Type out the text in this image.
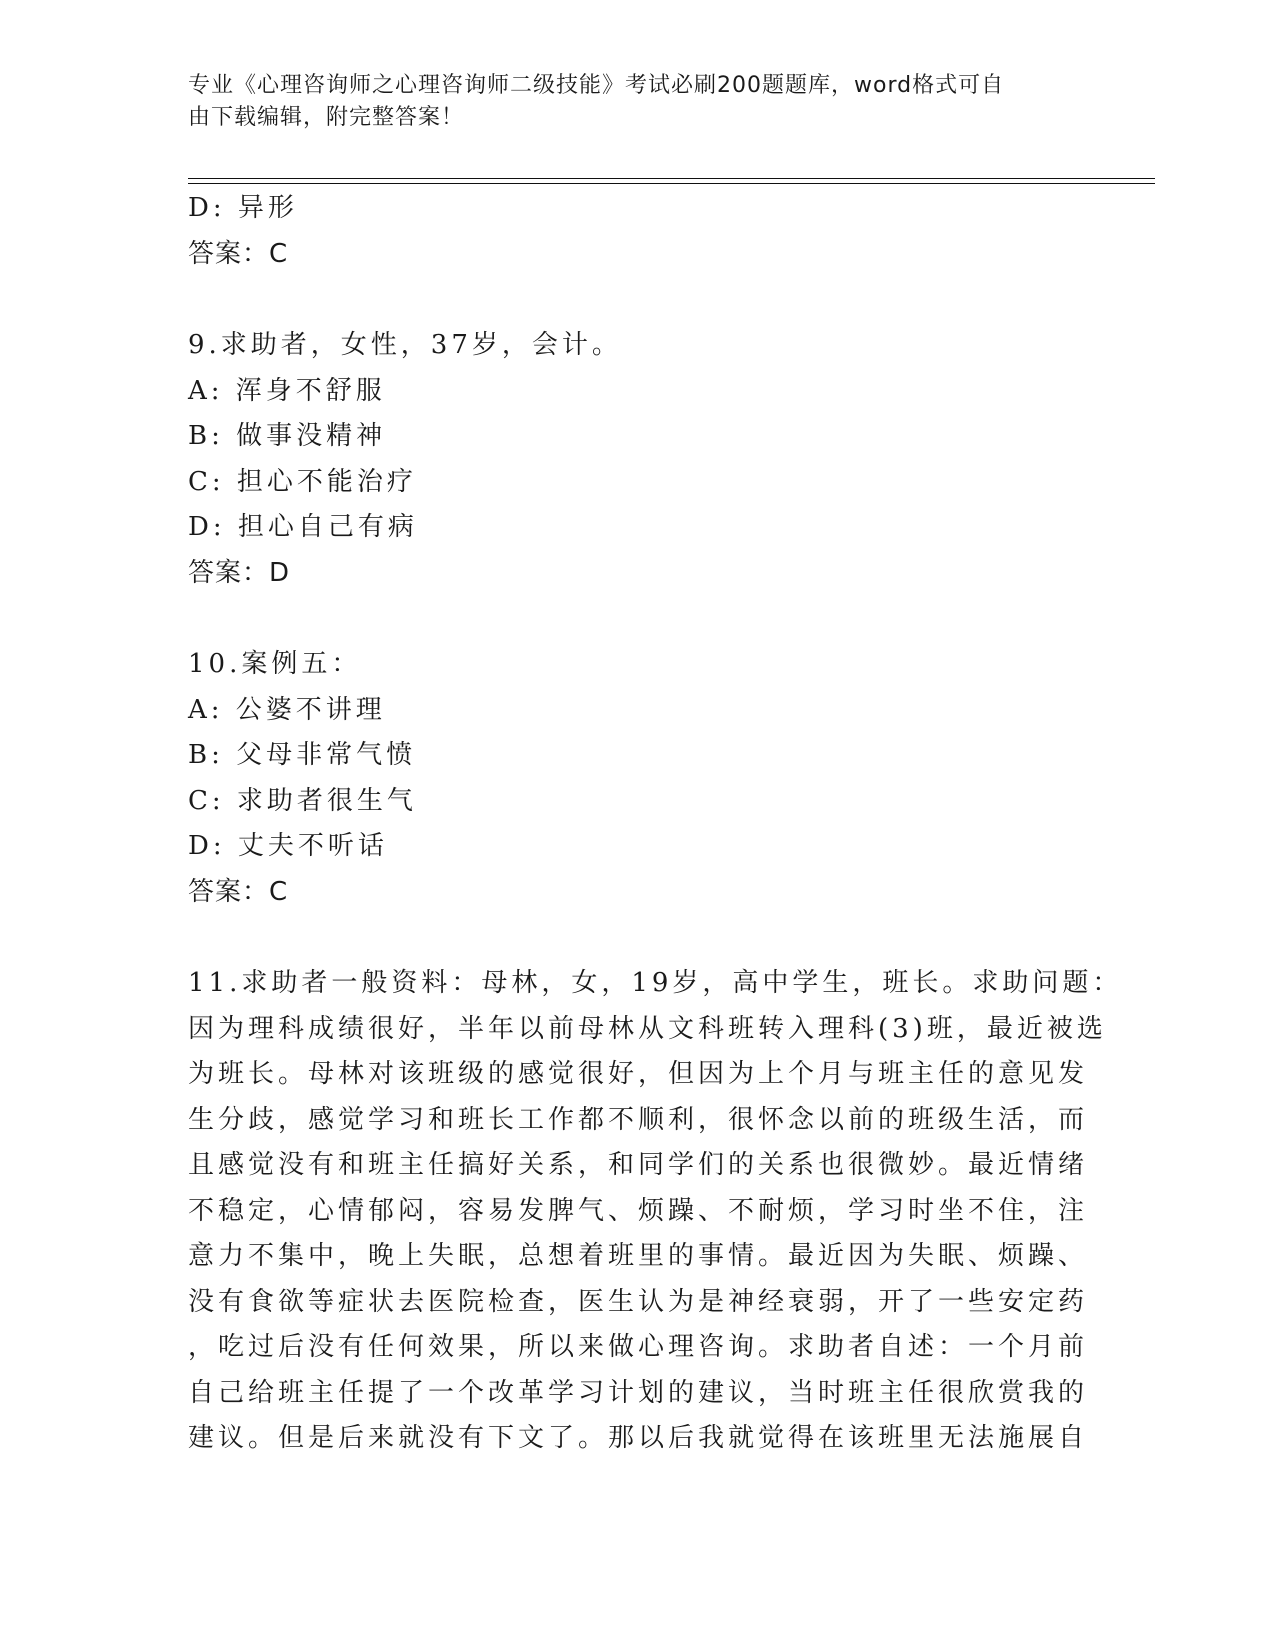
专业《心理咨询师之心理咨询师二级技能》考试必刷200题题库，word格式可自
由下载编辑，附完整答案！
D: 异形
答案：C
9.求助者，女性，37岁，会计。
A: 浑身不舒服
B: 做事没精神
C: 担心不能治疗
D: 担心自己有病
答案：D
10.案例五：
A: 公婆不讲理
B: 父母非常气愤
C: 求助者很生气
D: 丈夫不听话
答案：C
11.求助者一般资料：母林，女，19岁，高中学生，班长。求助问题：
因为理科成绩很好，半年以前母林从文科班转入理科(3)班，最近被选
为班长。母林对该班级的感觉很好，但因为上个月与班主任的意见发
生分歧，感觉学习和班长工作都不顺利，很怀念以前的班级生活，而
且感觉没有和班主任搞好关系，和同学们的关系也很微妙。最近情绪
不稳定，心情郁闷，容易发脾气、烦躁、不耐烦，学习时坐不住，注
意力不集中，晚上失眠，总想着班里的事情。最近因为失眠、烦躁、
没有食欲等症状去医院检查，医生认为是神经衰弱，开了一些安定药
，吃过后没有任何效果，所以来做心理咨询。求助者自述：一个月前
自己给班主任提了一个改革学习计划的建议，当时班主任很欣赏我的
建议。但是后来就没有下文了。那以后我就觉得在该班里无法施展自
